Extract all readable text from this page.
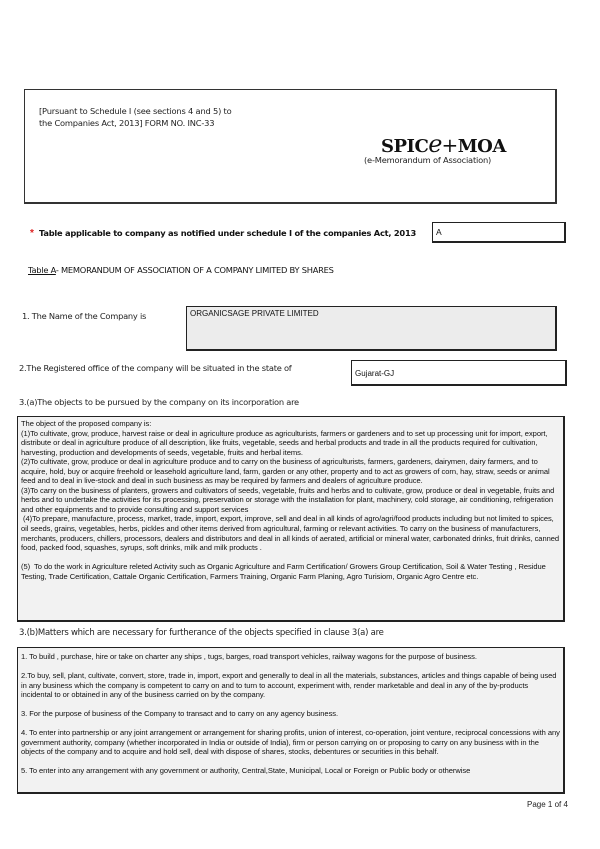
[Pursuant to Schedule I (see sections 4 and 5) to
the Companies Act, 2013] FORM NO. INC-33
SPICe+MOA
(e-Memorandum of Association)
* Table applicable to company as notified under schedule I of the companies Act, 2013	A
Table A- MEMORANDUM OF ASSOCIATION OF A COMPANY LIMITED BY SHARES
1. The Name of the Company is	ORGANICSAGE PRIVATE LIMITED
2.The Registered office of the company will be situated in the state of
Gujarat-GJ
3.(a)The objects to be pursued by the company on its incorporation are

The object of the proposed company is:

(1)To cultivate, grow, produce, harvest raise or deal in agriculture produce as agriculturists, farmers or gardeners and to set up processing unit for import, export, distribute or deal in agriculture produce of all description, like fruits, vegetable, seeds and herbal products and trade in all the products required for cultivation, harvesting, production and developments of seeds, vegetable, fruits and herbal items.

(2)To cultivate, grow, produce or deal in agriculture produce and to carry on the business of agriculturists, farmers, gardeners, dairymen, dairy farmers, and to acquire, hold, buy or acquire freehold or leasehold agriculture land, farm, garden or any other, property and to act as growers of corn, hay, straw, seeds or animal feed and to deal in live-stock and deal in such business as may be required by farmers and dealers of agriculture produce.

(3)To carry on the business of planters, growers and cultivators of seeds, vegetable, fruits and herbs and to cultivate, grow, produce or deal in vegetable, fruits and herbs and to undertake the activities for its processing, preservation or storage with the installation for plant, machinery, cold storage, air conditioning, refrigeration and other equipments and to provide consulting and support services

(4)To prepare, manufacture, process, market, trade, import, export, improve, sell and deal in all kinds of agro/agri/food products including but not limited to spices, oil seeds, grains, vegetables, herbs, pickles and other items derived from agricultural, farming or relevant activities. To carry on the business of manufacturers, merchants, producers, chillers, processors, dealers and distributors and deal in all kinds of aerated, artificial or mineral water, carbonated drinks, fruit drinks, canned food, packed food, squashes, syrups, soft drinks, milk and milk products .

(5)  To do the work in Agriculture releted Activity such as Organic Agriculture and Farm Certification/ Growers Group Certification, Soil & Water Testing , Residue Testing, Trade Certification, Cattale Organic Certification, Farmers Training, Organic Farm Planing, Agro Turisiom, Organic Agro Centre etc.

3.(b)Matters which are necessary for furtherance of the objects specified in clause 3(a) are

1. To build , purchase, hire or take on charter any ships , tugs, barges, road transport vehicles, railway wagons for the purpose of business.

2.To buy, sell, plant, cultivate, convert, store, trade in, import, export and generally to deal in all the materials, substances, articles and things capable of being used in any business which the company is competent to carry on and to turn to account, experiment with, render marketable and deal in any of the by-products incidental to or obtained in any of the business carried on by the company.

3. For the purpose of business of the Company to transact and to carry on any agency business.

4. To enter into partnership or any joint arrangement or arrangement for sharing profits, union of interest, co-operation, joint venture, reciprocal concessions with any government authority, company (whether incorporated in India or outside of India), firm or person carrying on or proposing to carry on any business with in the objects of the company and to acquire and hold sell, deal with dispose of shares, stocks, debentures or securities in this behalf.

5. To enter into any arrangement with any government or authority, Central,State, Municipal, Local or Foreign or Public body or otherwise

Page 1 of 4
